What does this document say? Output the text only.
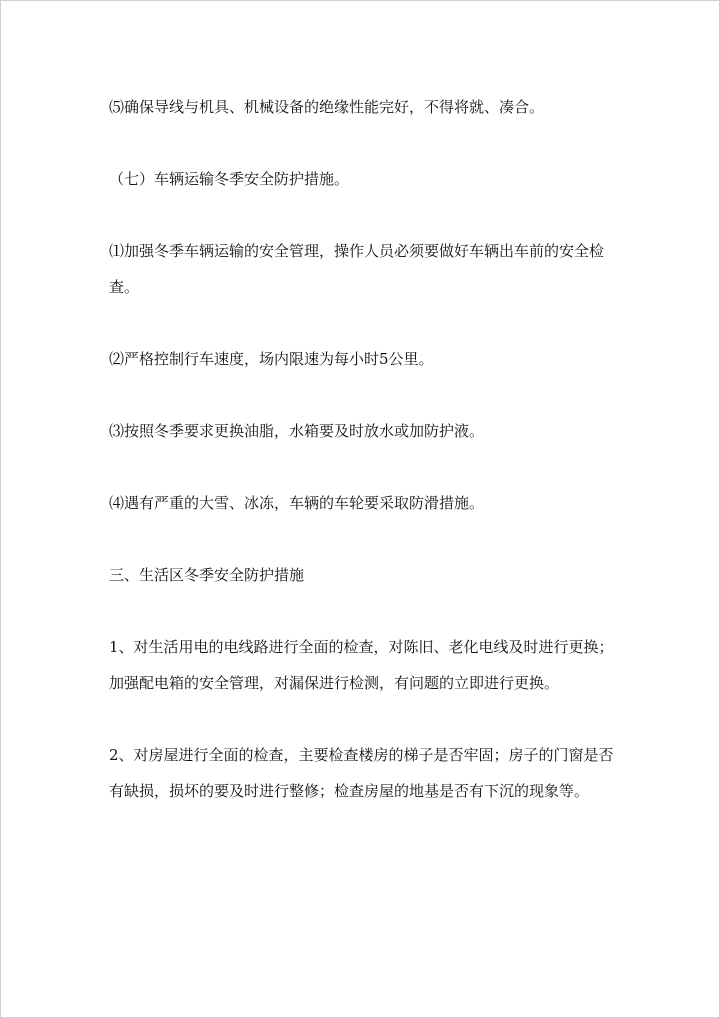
⑸确保导线与机具、机械设备的绝缘性能完好，不得将就、凑合。

（七）车辆运输冬季安全防护措施。

⑴加强冬季车辆运输的安全管理，操作人员必须要做好车辆出车前的安全检查。

⑵严格控制行车速度，场内限速为每小时5公里。

⑶按照冬季要求更换油脂，水箱要及时放水或加防护液。

⑷遇有严重的大雪、冰冻，车辆的车轮要采取防滑措施。

三、生活区冬季安全防护措施

1、对生活用电的电线路进行全面的检查，对陈旧、老化电线及时进行更换；加强配电箱的安全管理，对漏保进行检测，有问题的立即进行更换。

2、对房屋进行全面的检查，主要检查楼房的梯子是否牢固；房子的门窗是否有缺损，损坏的要及时进行整修；检查房屋的地基是否有下沉的现象等。
